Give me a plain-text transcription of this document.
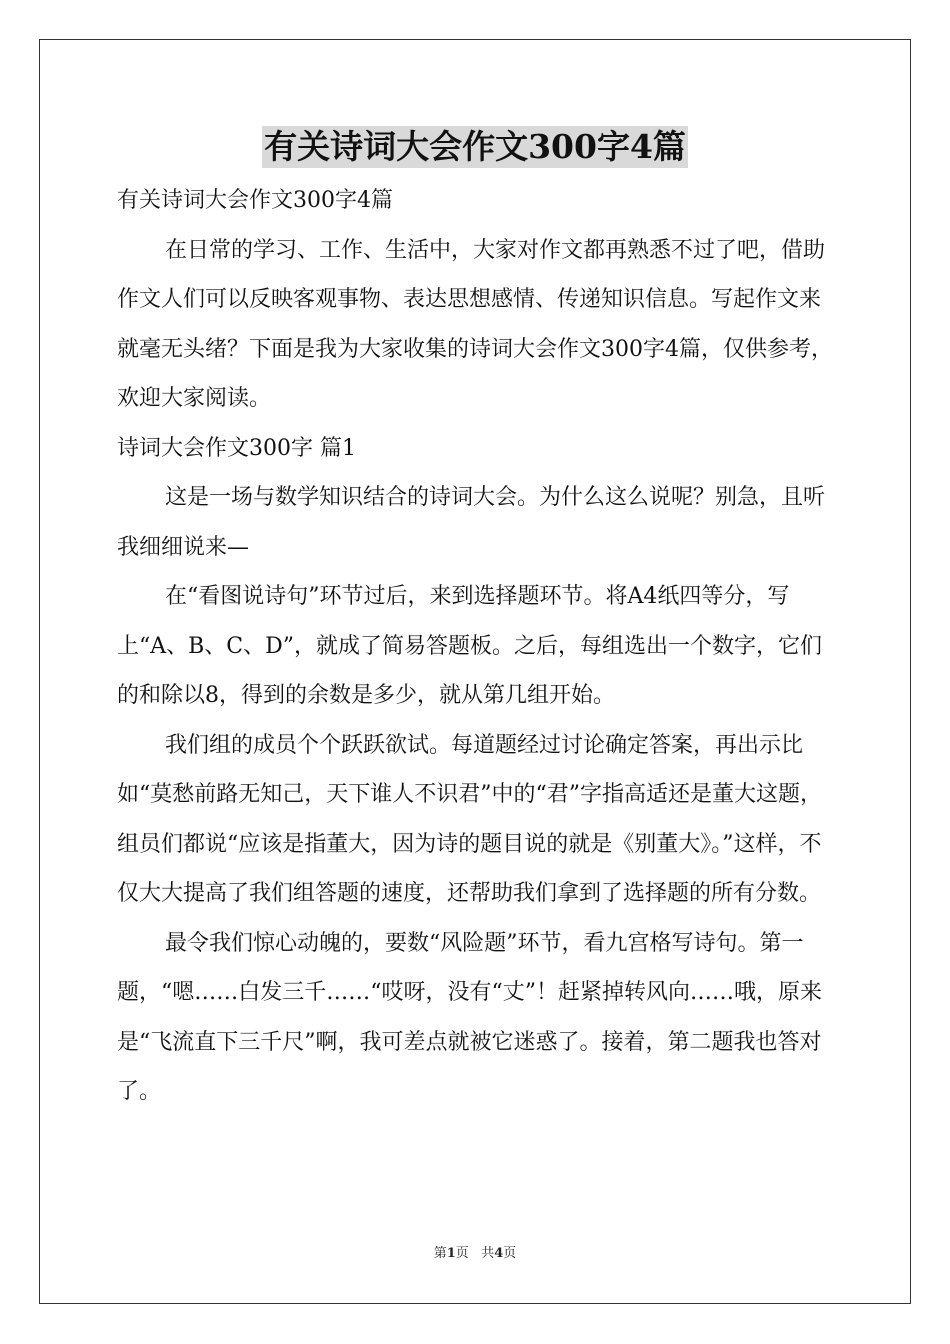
有关诗词大会作文300字4篇

有关诗词大会作文300字4篇

在日常的学习、工作、生活中，大家对作文都再熟悉不过了吧，借助作文人们可以反映客观事物、表达思想感情、传递知识信息。写起作文来就毫无头绪？下面是我为大家收集的诗词大会作文300字4篇，仅供参考，欢迎大家阅读。

诗词大会作文300字 篇1

这是一场与数学知识结合的诗词大会。为什么这么说呢？别急，且听我细细说来—

在“看图说诗句”环节过后，来到选择题环节。将A4纸四等分，写上“A、B、C、D”，就成了简易答题板。之后，每组选出一个数字，它们的和除以8，得到的余数是多少，就从第几组开始。

我们组的成员个个跃跃欲试。每道题经过讨论确定答案，再出示比如“莫愁前路无知己，天下谁人不识君”中的“君”字指高适还是董大这题，组员们都说“应该是指董大，因为诗的题目说的就是《别董大》。”这样，不仅大大提高了我们组答题的速度，还帮助我们拿到了选择题的所有分数。

最令我们惊心动魄的，要数“风险题”环节，看九宫格写诗句。第一题，“嗯……白发三千……“哎呀，没有“丈”！赶紧掉转风向……哦，原来是“飞流直下三千尺”啊，我可差点就被它迷惑了。接着，第二题我也答对了。

第1页   共4页
